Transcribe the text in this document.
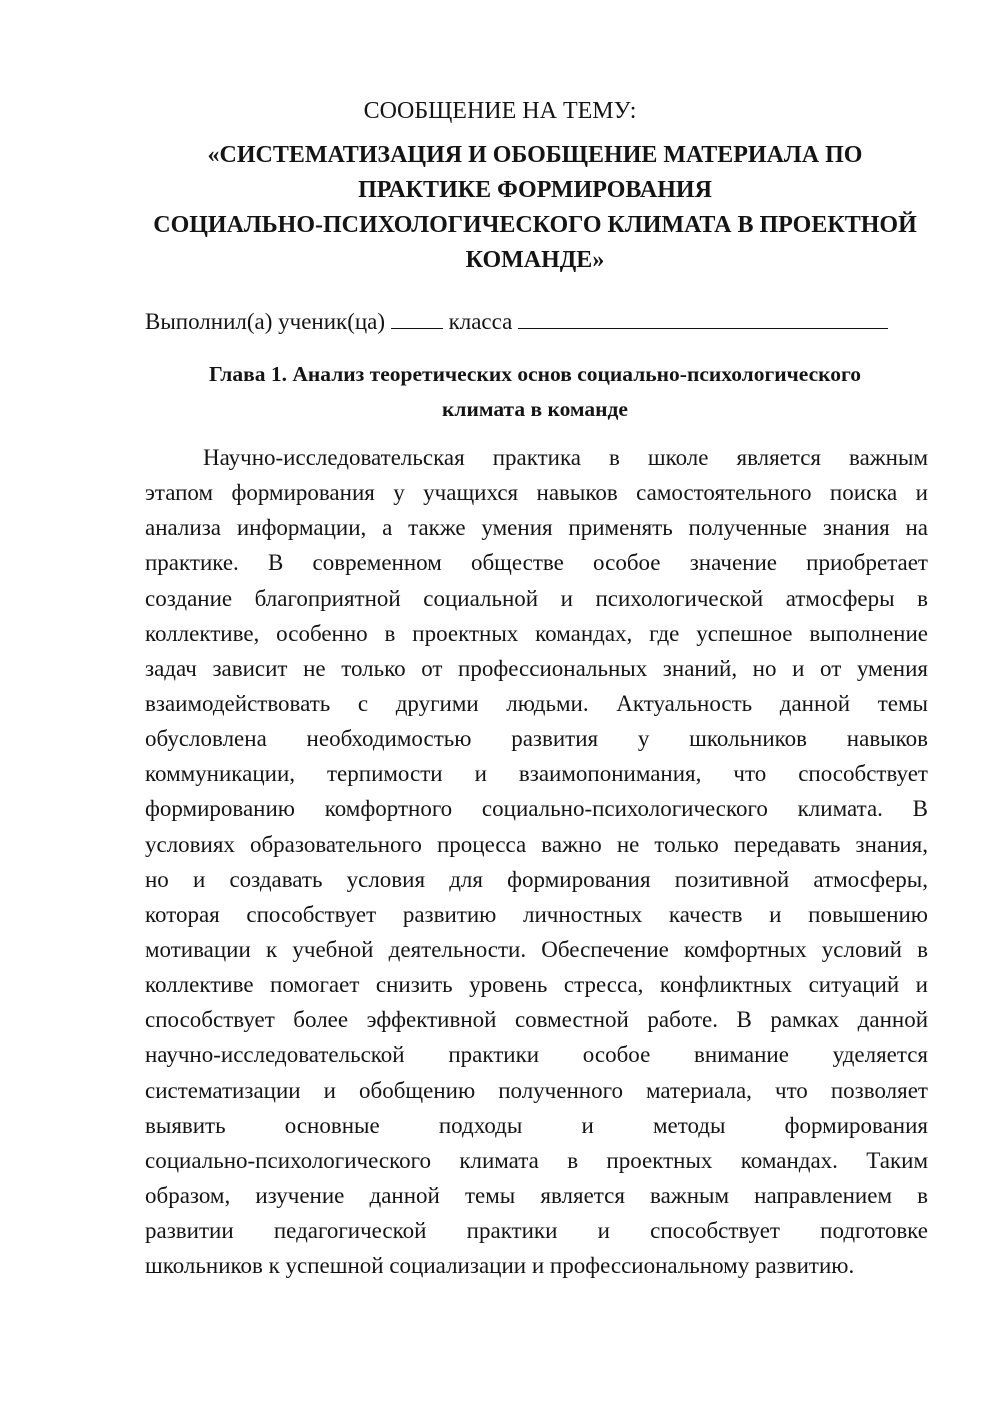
СООБЩЕНИЕ НА ТЕМУ:
«СИСТЕМАТИЗАЦИЯ И ОБОБЩЕНИЕ МАТЕРИАЛА ПО
ПРАКТИКЕ ФОРМИРОВАНИЯ
СОЦИАЛЬНО-ПСИХОЛОГИЧЕСКОГО КЛИМАТА В ПРОЕКТНОЙ
КОМАНДЕ»
Выполнил(а) ученик(ца)	класса
Глава 1. Анализ теоретических основ социально-психологического
климата в команде
Научно-исследовательская практика в школе является важным
этапом формирования у учащихся навыков самостоятельного поиска и
анализа информации, а также умения применять полученные знания на
практике. В современном обществе особое значение приобретает
создание благоприятной социальной и психологической атмосферы в
коллективе, особенно в проектных командах, где успешное выполнение
задач зависит не только от профессиональных знаний, но и от умения
взаимодействовать с другими людьми. Актуальность данной темы
обусловлена необходимостью развития у школьников навыков
коммуникации, терпимости и взаимопонимания, что способствует
формированию комфортного социально-психологического климата. В
условиях образовательного процесса важно не только передавать знания,
но и создавать условия для формирования позитивной атмосферы,
которая способствует развитию личностных качеств и повышению
мотивации к учебной деятельности. Обеспечение комфортных условий в
коллективе помогает снизить уровень стресса, конфликтных ситуаций и
способствует более эффективной совместной работе. В рамках данной
научно-исследовательской практики особое внимание уделяется
систематизации и обобщению полученного материала, что позволяет
выявить основные подходы и методы формирования
социально-психологического климата в проектных командах. Таким
образом, изучение данной темы является важным направлением в
развитии педагогической практики и способствует подготовке
школьников к успешной социализации и профессиональному развитию.
